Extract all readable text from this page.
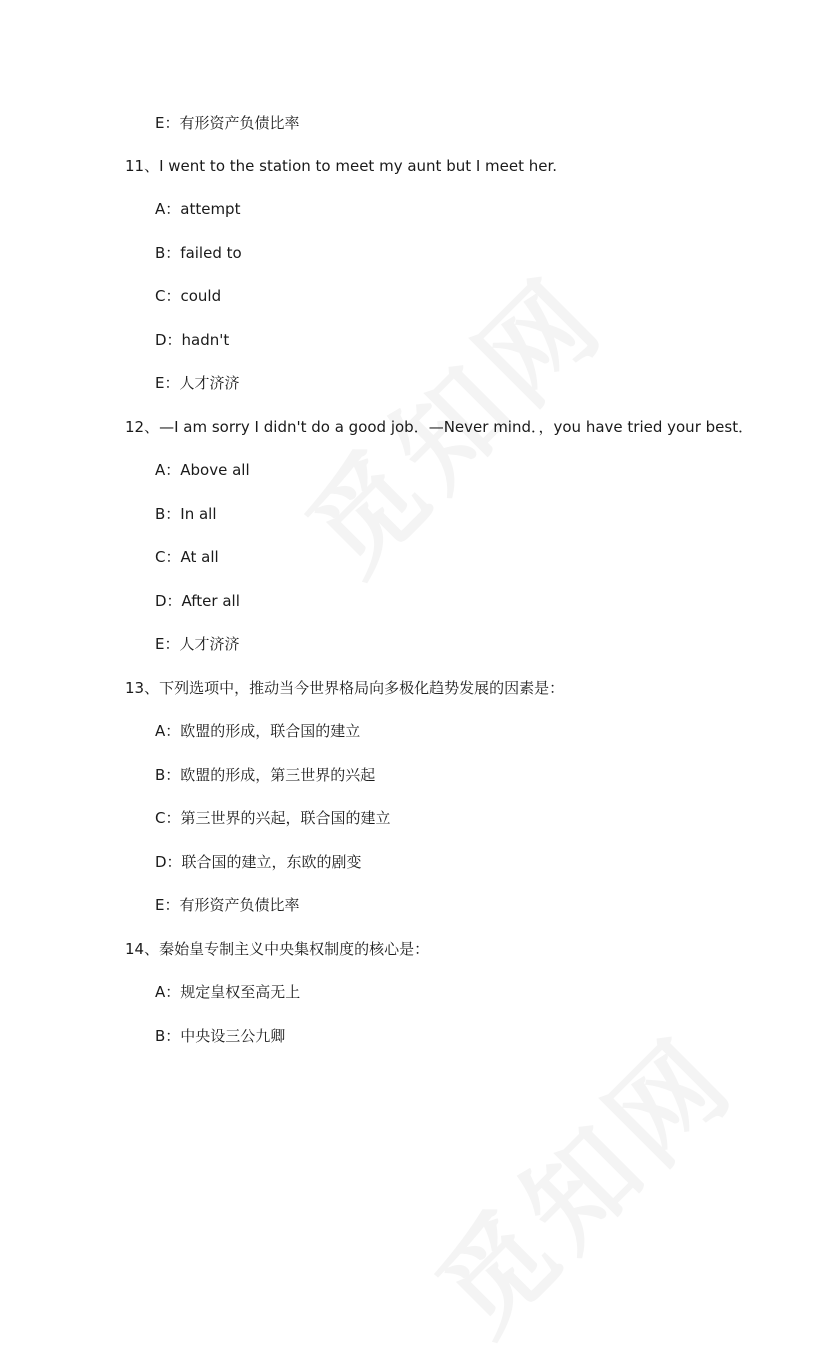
E：有形资产负债比率
11、I went to the station to meet my aunt but I meet her.
A：attempt
B：failed to
C：could
D：hadn't
E：人才济济
12、—I am sorry I didn't do a good job．—Never mind．，you have tried your best．
A：Above all
B：In all
C：At all
D：After all
E：人才济济
13、下列选项中，推动当今世界格局向多极化趋势发展的因素是：
A：欧盟的形成，联合国的建立
B：欧盟的形成，第三世界的兴起
C：第三世界的兴起，联合国的建立
D：联合国的建立，东欧的剧变
E：有形资产负债比率
14、秦始皇专制主义中央集权制度的核心是：
A：规定皇权至高无上
B：中央设三公九卿
